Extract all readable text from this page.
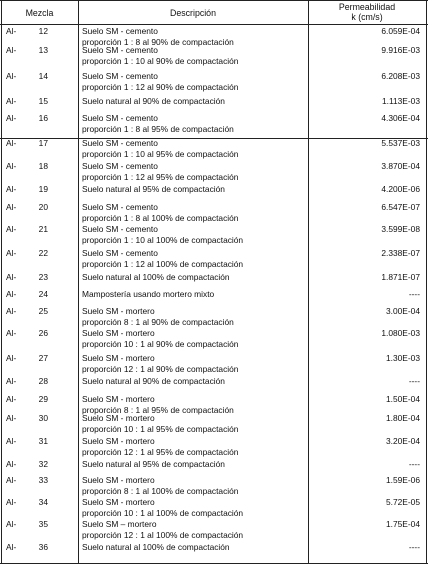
Mezcla	Descripción
Permeabilidad
k (cm/s)
Al-	12	Suelo SM - cemento
proporción 1 : 8 al 90% de compactación
6.059E-04
Al-	13	Suelo SM - cemento
proporción 1 : 10 al 90% de compactación
9.916E-03
Al-	14	Suelo SM - cemento
proporción 1 : 12 al 90% de compactación
6.208E-03
Al-	15	Suelo natural al 90% de compactación	1.113E-03
Al-	16	Suelo SM - cemento
proporción 1 : 8 al 95% de compactación
4.306E-04
Al-	17	Suelo SM - cemento
proporción 1 : 10 al 95% de compactación
5.537E-03
Al-	18	Suelo SM - cemento
proporción 1 : 12 al 95% de compactación
3.870E-04
Al-	19	Suelo natural al 95% de compactación	4.200E-06
Al-	20	Suelo SM - cemento
proporción 1 : 8 al 100% de compactación
6.547E-07
Al-	21	Suelo SM - cemento
proporción 1 : 10 al 100% de compactación
3.599E-08
Al-	22	Suelo SM - cemento
proporción 1 : 12 al 100% de compactación
2.338E-07
Al-	23	Suelo natural al 100% de compactación	1.871E-07
Al-	24	Mampostería usando mortero mixto	----
Al-	25	Suelo SM - mortero
proporción 8 : 1 al 90% de compactación
3.00E-04
Al-	26	Suelo SM - mortero
proporción 10 : 1 al 90% de compactación
1.080E-03
Al-	27	Suelo SM - mortero
proporción 12 : 1 al 90% de compactación
1.30E-03
Al-	28	Suelo natural al 90% de compactación	----
Al-	29	Suelo SM - mortero
proporción 8 : 1 al 95% de compactación
1.50E-04
Al-	30	Suelo SM - mortero
proporción 10 : 1 al 95% de compactación
1.80E-04
Al-	31	Suelo SM - mortero
proporción 12 : 1 al 95% de compactación
3.20E-04
Al-	32	Suelo natural al 95% de compactación	----
Al-	33	Suelo SM - mortero
proporción 8 : 1 al 100% de compactación
1.59E-06
Al-	34	Suelo SM - mortero
proporción 10 : 1 al 100% de compactación
5.72E-05
Al-	35	Suelo SM – mortero
proporción 12 : 1 al 100% de compactación
1.75E-04
Al-	36	Suelo natural al 100% de compactación	----
